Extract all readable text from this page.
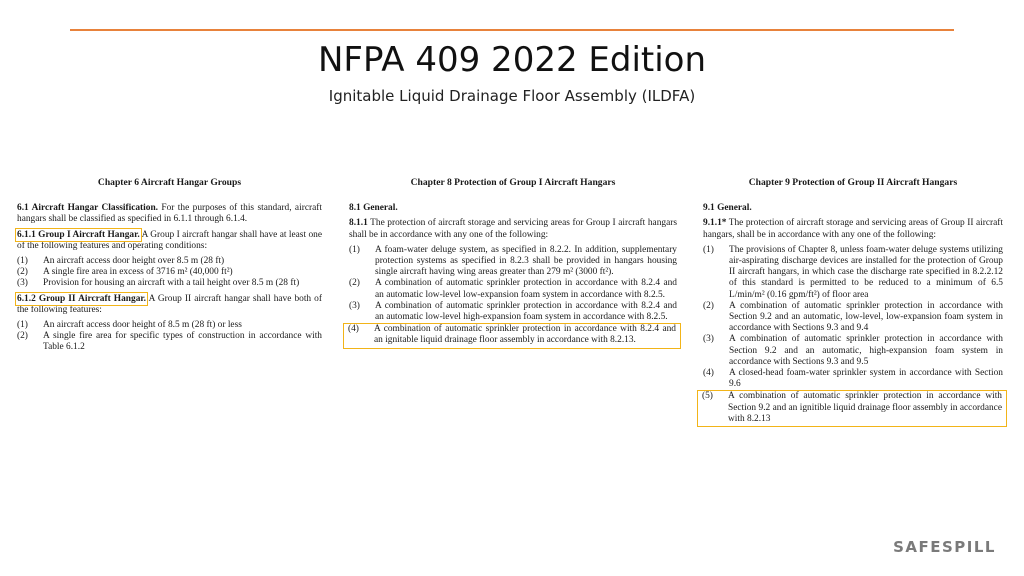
NFPA 409 2022 Edition
Ignitable Liquid Drainage Floor Assembly (ILDFA)
Chapter 6 Aircraft Hangar Groups

6.1 Aircraft Hangar Classification. For the purposes of this standard, aircraft hangars shall be classified as specified in 6.1.1 through 6.1.4.

6.1.1 Group I Aircraft Hangar. A Group I aircraft hangar shall have at least one of the following features and operating conditions:

(1) An aircraft access door height over 8.5 m (28 ft)

(2) A single fire area in excess of 3716 m² (40,000 ft²)

(3) Provision for housing an aircraft with a tail height over 8.5 m (28 ft)

6.1.2 Group II Aircraft Hangar. A Group II aircraft hangar shall have both of the following features:

(1) An aircraft access door height of 8.5 m (28 ft) or less

(2) A single fire area for specific types of construction in accordance with Table 6.1.2

Chapter 8 Protection of Group I Aircraft Hangars

8.1 General.

8.1.1 The protection of aircraft storage and servicing areas for Group I aircraft hangars shall be in accordance with any one of the following:

(1) A foam-water deluge system, as specified in 8.2.2. In addition, supplementary protection systems as specified in 8.2.3 shall be provided in hangars housing single aircraft having wing areas greater than 279 m² (3000 ft²).

(2) A combination of automatic sprinkler protection in accordance with 8.2.4 and an automatic low-level low-expansion foam system in accordance with 8.2.5.

(3) A combination of automatic sprinkler protection in accordance with 8.2.4 and an automatic low-level high-expansion foam system in accordance with 8.2.5.

(4) A combination of automatic sprinkler protection in accordance with 8.2.4 and an ignitable liquid drainage floor assembly in accordance with 8.2.13.

Chapter 9 Protection of Group II Aircraft Hangars

9.1 General.

9.1.1* The protection of aircraft storage and servicing areas of Group II aircraft hangars, shall be in accordance with any one of the following:

(1) The provisions of Chapter 8, unless foam-water deluge systems utilizing air-aspirating discharge devices are installed for the protection of Group II aircraft hangars, in which case the discharge rate specified in 8.2.2.12 of this standard is permitted to be reduced to a minimum of 6.5 L/min/m² (0.16 gpm/ft²) of floor area

(2) A combination of automatic sprinkler protection in accordance with Section 9.2 and an automatic, low-level, low-expansion foam system in accordance with Sections 9.3 and 9.4

(3) A combination of automatic sprinkler protection in accordance with Section 9.2 and an automatic, high-expansion foam system in accordance with Sections 9.3 and 9.5

(4) A closed-head foam-water sprinkler system in accordance with Section 9.6

(5) A combination of automatic sprinkler protection in accordance with Section 9.2 and an ignitible liquid drainage floor assembly in accordance with 8.2.13

SAFESPILL
